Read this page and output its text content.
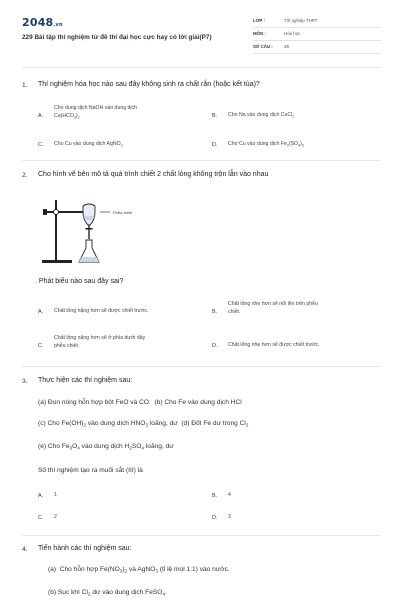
2048.vn
229 Bài tập thí nghiệm từ đề thi đại học cực hay có lời giải(P7)
LỚP :	Tốt nghiệp THPT
MÔN :	Hóa học
SỐ CÂU :	39
1. Thí nghiệm hóa học nào sau đây không sinh ra chất rắn (hoặc kết tủa)?
A.
Cho dung dịch NaOH vào dung dịch
$Ca(HCO_3)_2$	B. Cho Na vào dung dịch CuCl$_2$
C. Cho Cu vào dung dịch AgNO$_3$	D. Cho Cu vào dung dịch $Fe_2(SO_4)_3$
2. Cho hình vẽ bên mô tả quá trình chiết 2 chất lỏng không trộn lẫn vào nhau
Phễu chiết
. Phát biểu nào sau đây sai?
A. Chất lỏng nặng hơn sẽ được chiết trước.	B.
Chất lỏng nhẹ hơn sẽ nổi lên trên phễu
chiết.
C.
Chất lỏng nặng hơn sẽ ở phía dưới đáy
phễu chiết.	D. Chất lỏng nhẹ hơn sẽ được chiết trước.
3. Thực hiện các thí nghiệm sau:
(a) Đun nóng hỗn hợp bột FeO và CO.  (b) Cho Fe vào dung dịch HCl
(c) Cho $Fe(OH)_2$ vào dung dịch $HNO_3$ loãng, dư  (d) Đốt Fe dư trong $Cl_2$
(e) Cho $Fe_3O_4$ vào dung dịch $H_2SO_4$ loãng, dư
Số thí nghiệm tạo ra muối sắt (III) là
A. 1	B. 4
C. 2	D. 3
4. Tiến hành các thí nghiệm sau:
(a)  Cho hỗn hợp $Fe(NO_3)_2$ và AgNO$_3$ (tỉ lệ mol 1:1) vào nước.
(b) Sục khí $Cl_2$ dư vào dung dịch FeSO$_4$.
